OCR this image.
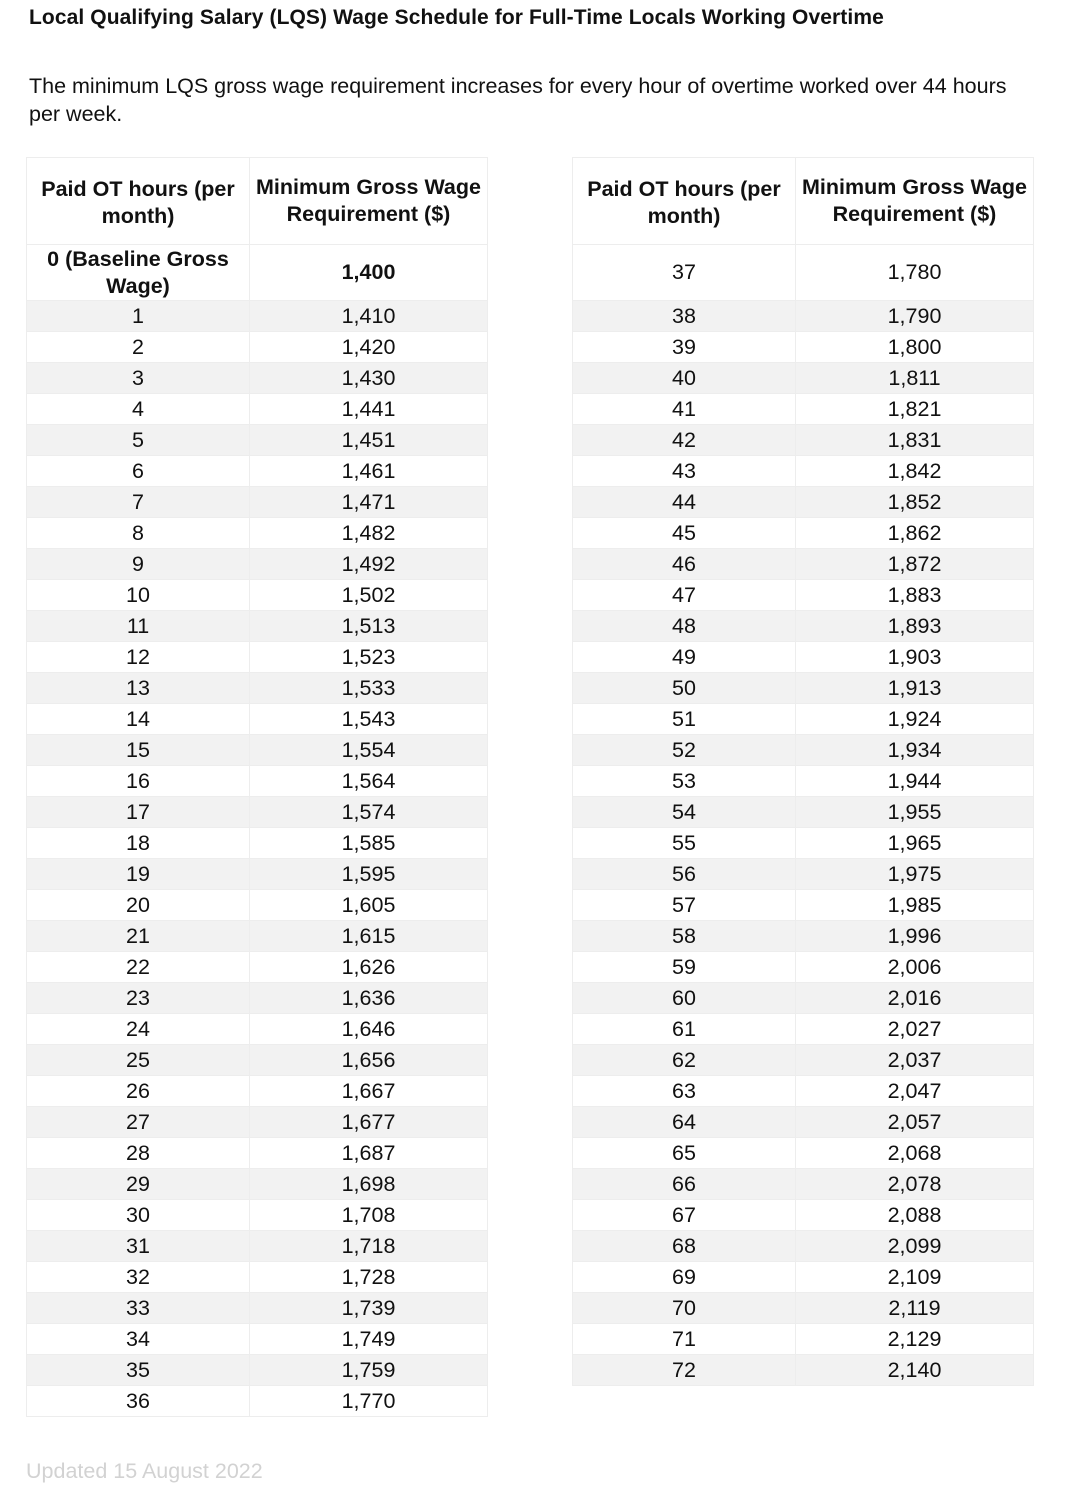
Local Qualifying Salary (LQS) Wage Schedule for Full-Time Locals Working Overtime
The minimum LQS gross wage requirement increases for every hour of overtime worked over 44 hours per week.
Paid OT hours (per month)	Minimum Gross Wage Requirement ($)
0 (Baseline Gross Wage)	1,400
1	1,410
2	1,420
3	1,430
4	1,441
5	1,451
6	1,461
7	1,471
8	1,482
9	1,492
10	1,502
11	1,513
12	1,523
13	1,533
14	1,543
15	1,554
16	1,564
17	1,574
18	1,585
19	1,595
20	1,605
21	1,615
22	1,626
23	1,636
24	1,646
25	1,656
26	1,667
27	1,677
28	1,687
29	1,698
30	1,708
31	1,718
32	1,728
33	1,739
34	1,749
35	1,759
36	1,770
Paid OT hours (per month)	Minimum Gross Wage Requirement ($)
37	1,780
38	1,790
39	1,800
40	1,811
41	1,821
42	1,831
43	1,842
44	1,852
45	1,862
46	1,872
47	1,883
48	1,893
49	1,903
50	1,913
51	1,924
52	1,934
53	1,944
54	1,955
55	1,965
56	1,975
57	1,985
58	1,996
59	2,006
60	2,016
61	2,027
62	2,037
63	2,047
64	2,057
65	2,068
66	2,078
67	2,088
68	2,099
69	2,109
70	2,119
71	2,129
72	2,140
Updated 15 August 2022
